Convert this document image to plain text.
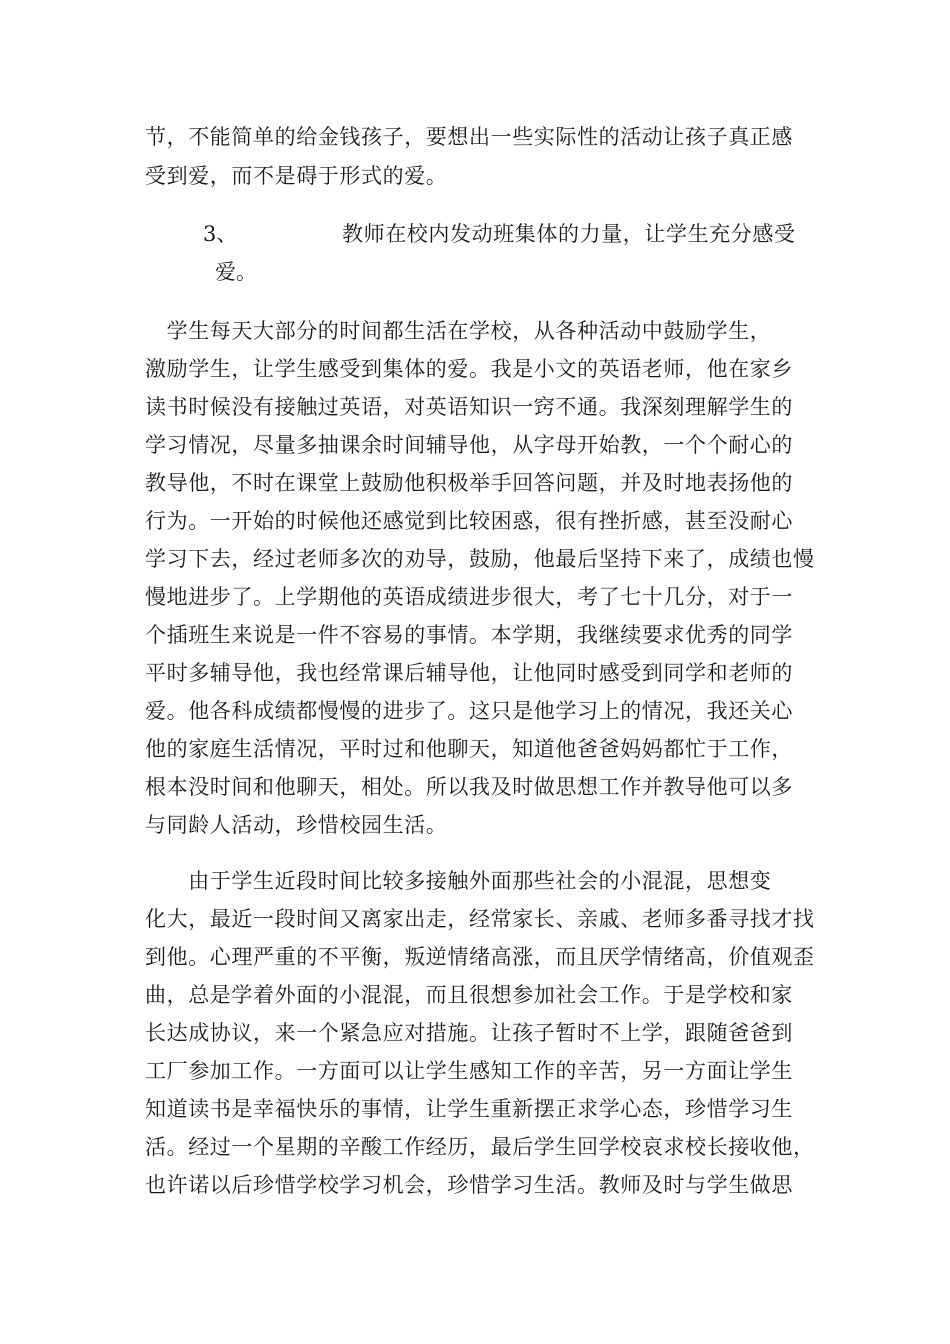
节，不能简单的给金钱孩子，要想出一些实际性的活动让孩子真正感
受到爱，而不是碍于形式的爱。
3、	教师在校内发动班集体的力量，让学生充分感受
爱。
　学生每天大部分的时间都生活在学校，从各种活动中鼓励学生，
激励学生，让学生感受到集体的爱。我是小文的英语老师，他在家乡
读书时候没有接触过英语，对英语知识一窍不通。我深刻理解学生的
学习情况，尽量多抽课余时间辅导他，从字母开始教，一个个耐心的
教导他，不时在课堂上鼓励他积极举手回答问题，并及时地表扬他的
行为。一开始的时候他还感觉到比较困惑，很有挫折感，甚至没耐心
学习下去，经过老师多次的劝导，鼓励，他最后坚持下来了，成绩也慢
慢地进步了。上学期他的英语成绩进步很大，考了七十几分，对于一
个插班生来说是一件不容易的事情。本学期，我继续要求优秀的同学
平时多辅导他，我也经常课后辅导他，让他同时感受到同学和老师的
爱。他各科成绩都慢慢的进步了。这只是他学习上的情况，我还关心
他的家庭生活情况，平时过和他聊天，知道他爸爸妈妈都忙于工作，
根本没时间和他聊天，相处。所以我及时做思想工作并教导他可以多
与同龄人活动，珍惜校园生活。
　　由于学生近段时间比较多接触外面那些社会的小混混，思想变
化大，最近一段时间又离家出走，经常家长、亲戚、老师多番寻找才找
到他。心理严重的不平衡，叛逆情绪高涨，而且厌学情绪高，价值观歪
曲，总是学着外面的小混混，而且很想参加社会工作。于是学校和家
长达成协议，来一个紧急应对措施。让孩子暂时不上学，跟随爸爸到
工厂参加工作。一方面可以让学生感知工作的辛苦，另一方面让学生
知道读书是幸福快乐的事情，让学生重新摆正求学心态，珍惜学习生
活。经过一个星期的辛酸工作经历，最后学生回学校哀求校长接收他，
也许诺以后珍惜学校学习机会，珍惜学习生活。教师及时与学生做思
